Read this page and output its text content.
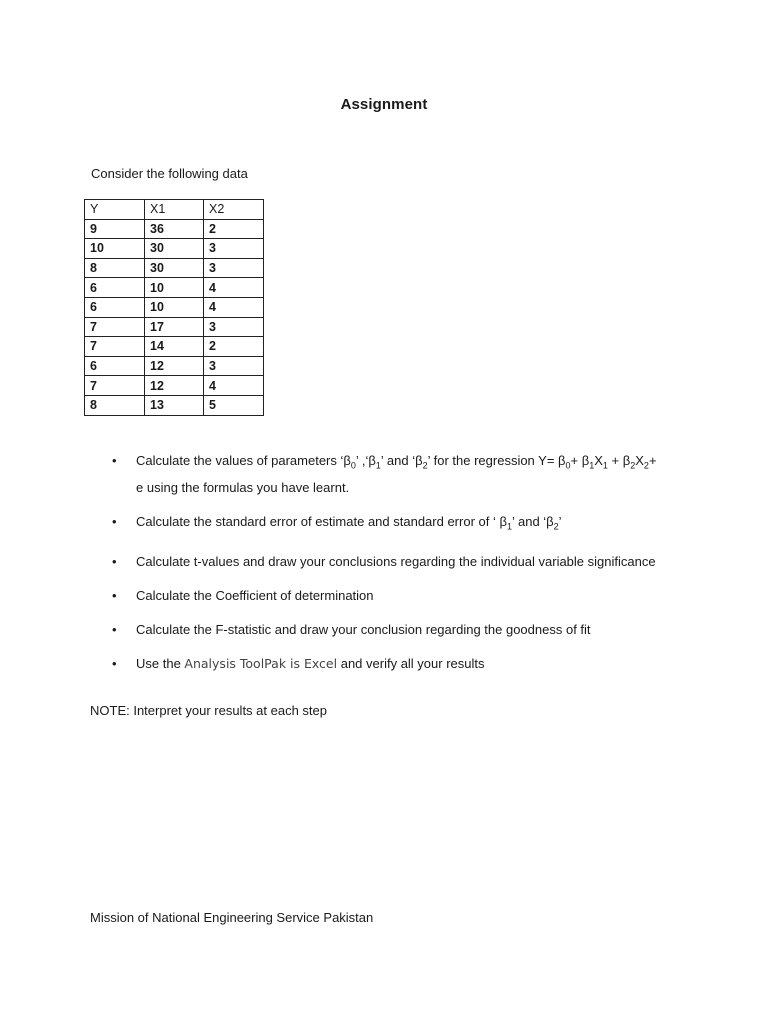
Assignment
Consider the following data
Y	X1	X2
9	36	2
10	30	3
8	30	3
6	10	4
6	10	4
7	17	3
7	14	2
6	12	3
7	12	4
8	13	5
• Calculate the values of parameters ‘$\beta_0$’ $,‘\beta_1$’ and ‘$\beta_2$’ for the regression $Y= \beta_0+ \beta_1X_1 + \beta_2X_2+ e$ using the formulas you have learnt.
• Calculate the standard error of estimate and standard error of ‘ $\beta_1$’ and ‘$\beta_2$’
• Calculate t-values and draw your conclusions regarding the individual variable significance
• Calculate the Coefficient of determination
• Calculate the F-statistic and draw your conclusion regarding the goodness of fit
• Use the Analysis ToolPak is Excel and verify all your results
NOTE: Interpret your results at each step
Mission of National Engineering Service Pakistan
